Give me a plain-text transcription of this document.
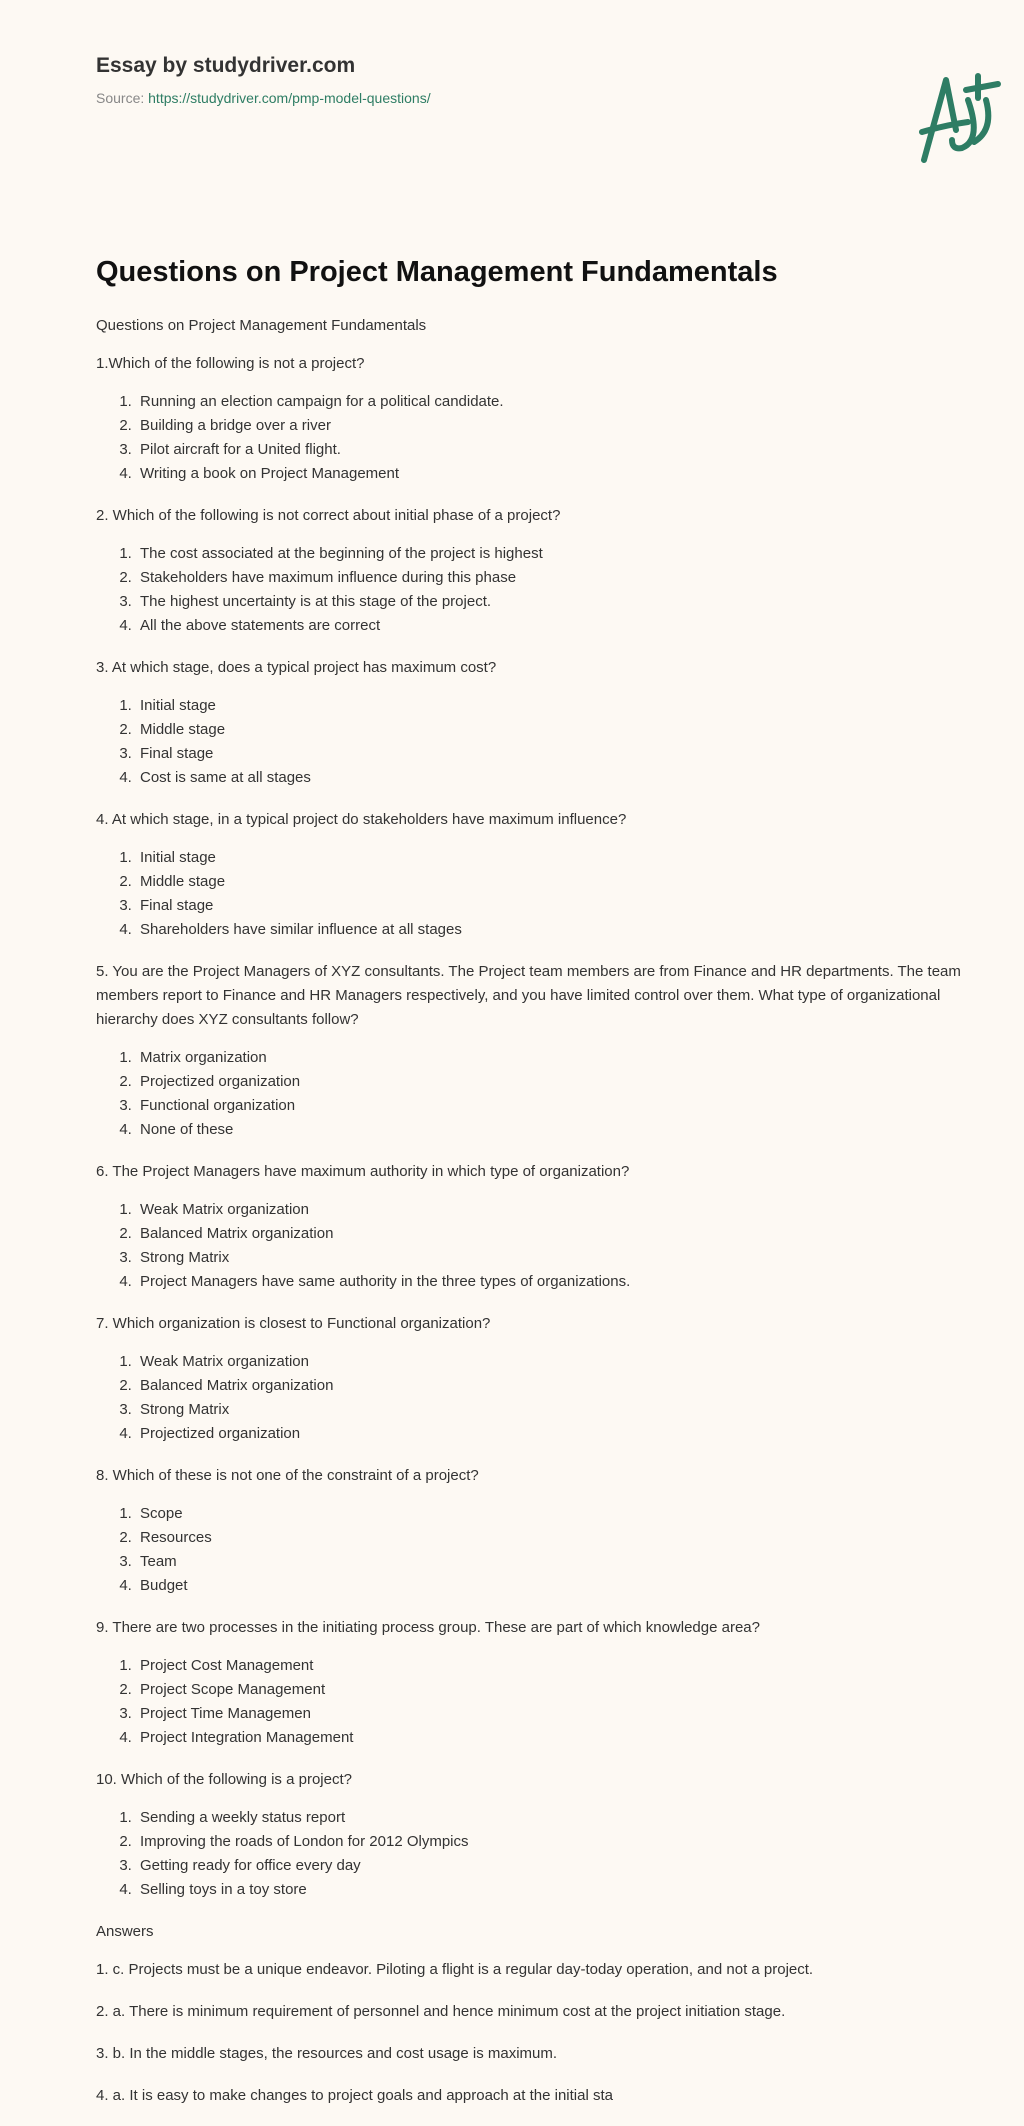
Essay by studydriver.com
Source: https://studydriver.com/pmp-model-questions/
Questions on Project Management Fundamentals

Questions on Project Management Fundamentals

1.Which of the following is not a project?

1. Running an election campaign for a political candidate.
2. Building a bridge over a river
3. Pilot aircraft for a United flight.
4. Writing a book on Project Management

2. Which of the following is not correct about initial phase of a project?

1. The cost associated at the beginning of the project is highest
2. Stakeholders have maximum influence during this phase
3. The highest uncertainty is at this stage of the project.
4. All the above statements are correct

3. At which stage, does a typical project has maximum cost?

1. Initial stage
2. Middle stage
3. Final stage
4. Cost is same at all stages

4. At which stage, in a typical project do stakeholders have maximum influence?

1. Initial stage
2. Middle stage
3. Final stage
4. Shareholders have similar influence at all stages

5. You are the Project Managers of XYZ consultants. The Project team members are from Finance and HR departments. The team members report to Finance and HR Managers respectively, and you have limited control over them. What type of organizational hierarchy does XYZ consultants follow?

1. Matrix organization
2. Projectized organization
3. Functional organization
4. None of these

6. The Project Managers have maximum authority in which type of organization?

1. Weak Matrix organization
2. Balanced Matrix organization
3. Strong Matrix
4. Project Managers have same authority in the three types of organizations.

7. Which organization is closest to Functional organization?

1. Weak Matrix organization
2. Balanced Matrix organization
3. Strong Matrix
4. Projectized organization

8. Which of these is not one of the constraint of a project?

1. Scope
2. Resources
3. Team
4. Budget

9. There are two processes in the initiating process group. These are part of which knowledge area?

1. Project Cost Management
2. Project Scope Management
3. Project Time Managemen
4. Project Integration Management

10. Which of the following is a project?

1. Sending a weekly status report
2. Improving the roads of London for 2012 Olympics
3. Getting ready for office every day
4. Selling toys in a toy store

Answers

1. c. Projects must be a unique endeavor. Piloting a flight is a regular day-today operation, and not a project.

2. a. There is minimum requirement of personnel and hence minimum cost at the project initiation stage.

3. b. In the middle stages, the resources and cost usage is maximum.

4. a. It is easy to make changes to project goals and approach at the initial sta
